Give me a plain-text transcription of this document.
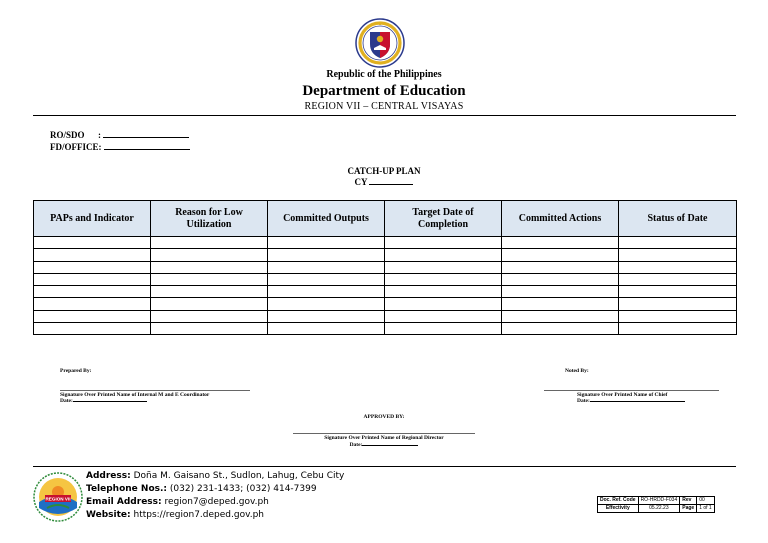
Republic of the Philippines
Department of Education
REGION VII – CENTRAL VISAYAS
RO/SDO      :
FD/OFFICE:
CATCH-UP PLAN
CY
PAPs and Indicator	Reason for Low Utilization	Committed Outputs	Target Date of Completion	Committed Actions	Status of Date

Prepared By:
Signature Over Printed Name of Internal M and E Coordinator
Date:
Noted By:
Signature Over Printed Name of Chief
Date:
APPROVED BY:
Signature Over Printed Name of Regional Director
Date:
REGION VII
Address: Doña M. Gaisano St., Sudlon, Lahug, Cebu City
Telephone Nos.: (032) 231-1433; (032) 414-7399
Email Address: region7@deped.gov.ph
Website: https://region7.deped.gov.ph
Doc. Ref. Code	RO-HRDD-F034	Rev	00
Effectivity	05.22.23	Page	1 of 1
